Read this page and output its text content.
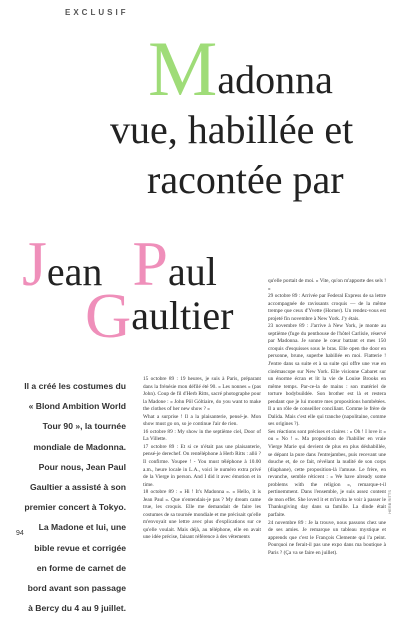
EXCLUSIF
Madonna
vue, habillée et
racontée par
Jean Paul
Gaultier
Il a créé les costumes du « Blond Ambition World Tour 90 », la tournée mondiale de Madonna. Pour nous, Jean Paul Gaultier a assisté à son premier concert à Tokyo. La Madone et lui, une bible revue et corrigée en forme de carnet de bord avant son passage à Bercy du 4 au 9 juillet.

15 octobre 89 : 19 heures, je suis à Paris, préparant dans la frénésie mon défilé été 90. « Les nonnes » (pas John). Coup de fil d'Herb Ritts, sacré photographe pour la Madone : « John Pôl Góltiaire, do you want to make the clothes of her new show ? »

What a surprise ! Il a la plaisanterie, pensé-je. Mon show must go on, so je continue l'air de rien.

16 octobre 89 : My show in the septième ciel, Door of La Villette.

17 octobre 89 : Et si ce n'était pas une plaisanterie, pensé-je derechef. On rentéléphone à Herb Ritts : allô ? Il confirme. Youpee ! - You must téléphone à 10.00 a.m., heure locale in L.A., voici le numéro extra privé de la Vierge in person. And I did it avec émotion et in time.

18 octobre 89 : « Hi ! It's Madonna ». « Hello, it is Jean Paul ». Que n'entendais-je pas ? My dream came true, les croquis. Elle me demandait de faire les costumes de sa tournée mondiale et me précisait qu'elle m'envoyait une lettre avec plus d'explications sur ce qu'elle voulait. Mais déjà, au téléphone, elle en avait une idée précise, faisant référence à des vêtements

qu'elle portait de moi. « Vite, qu'on m'apporte des sels ! »

29 octobre 89 : Arrivée par Federal Express de sa lettre accompagnée de ravissants croquis — de la même trempe que ceux d'Yvette (Horner). Un rendez-vous est projeté fin novembre à New York. J'y étais.

23 novembre 89 : J'arrive à New York, je monte au septième (fuge du penthouse de l'hôtel Carlisle, réservé par Madonna. Je sonne le cœur battant et mes 150 croquis d'esquisses sous le bras. Elle open the door en personne, brune, superbe habillée en moi. Flatterie ! J'entre dans sa suite et à sa suite qui offre une vue en cinémascope sur New York. Elle visionne Cabaret sur un énorme écran et lit la vie de Louise Brooks en même temps. Par-ce-la de mains : son matériel de torture bodybuildée. Son brother est là et restera pendant que je lui montre mes propositions hombétées. Il a un rôle de conseiller conciliant. Comme le frère de Dalida. Mais c'est elle qui tranche (napolitaine, comme ses origines ?).

Ses réactions sont précises et claires : « Oh ! I love it » ou « No ! ». Ma proposition de l'habiller en vraie Vierge Marie qui devient de plus en plus déshabillée, se dépant la pure dans l'entrejambes, puis recevant une douche et, de ce fait, révélant la nudité de son corps (diaphane), cette proposition-là l'amuse. Le frère, en revanche, semble réticent : « We have already some problems with the religion », remarque-t-il pertinemment. Dans l'ensemble, je suis assez content de mon effet. She loved it et m'invita le voir à passer le Thanksgiving day dans sa famille. La dinde était parfaite.

24 novembre 89 : Je la trouve, nous passons chez une de ses amies. Je remarque un tableau mystique et apprends que c'est le François Clemente qui l'a peint. Pourquoi ne ferait-il pas une expo dans ma boutique à Paris ? (Ça va se faire en juillet).

94
HERB RITTS
